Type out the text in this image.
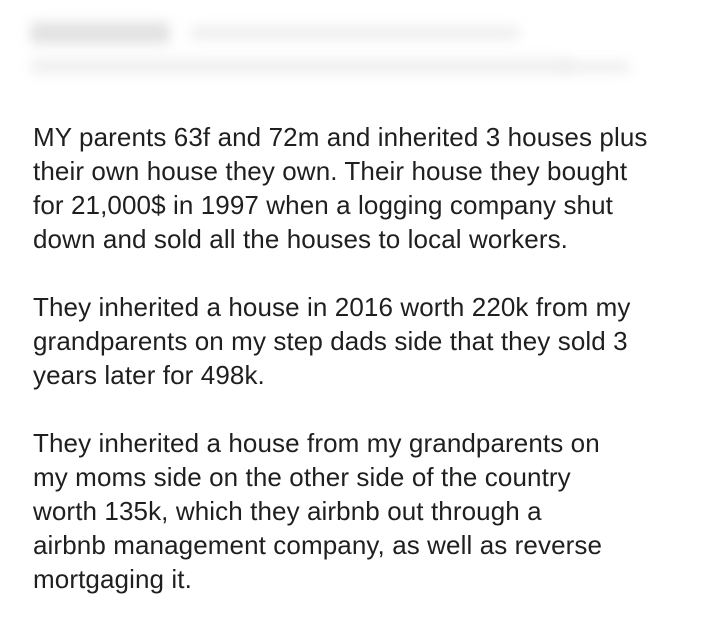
MY parents 63f and 72m and inherited 3 houses plus
their own house they own. Their house they bought
for 21,000$ in 1997 when a logging company shut
down and sold all the houses to local workers.

They inherited a house in 2016 worth 220k from my
grandparents on my step dads side that they sold 3
years later for 498k.

They inherited a house from my grandparents on
my moms side on the other side of the country
worth 135k, which they airbnb out through a
airbnb management company, as well as reverse
mortgaging it.
